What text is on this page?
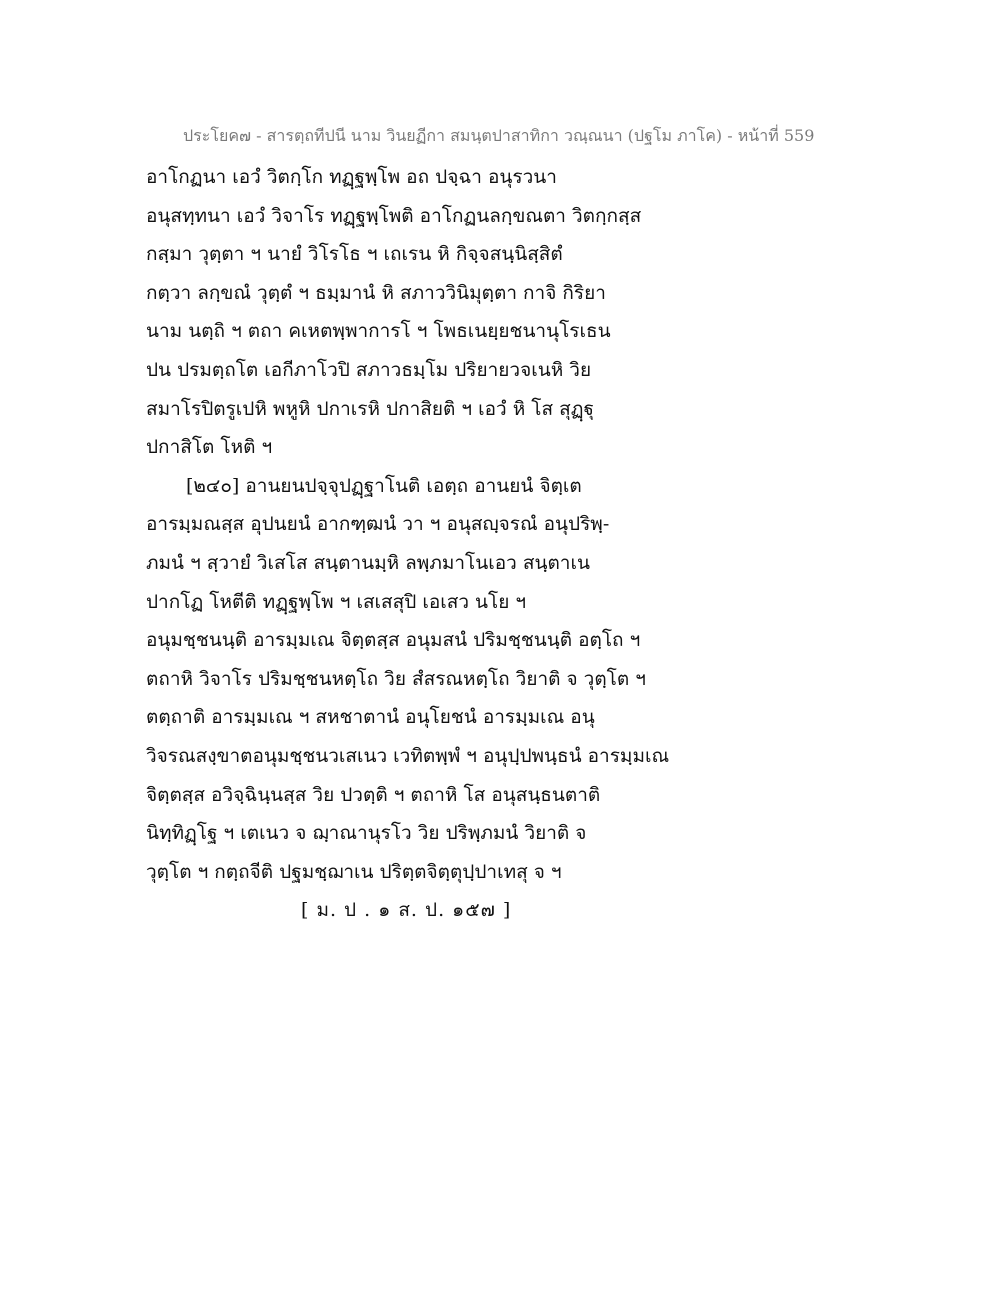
ประโยค๗ - สารตฺถทีปนี นาม วินยฏีกา สมนฺตปาสาทิกา วณฺณนา (ปฐโม ภาโค) - หน้าที่ 559
อาโกฏนา เอวํ วิตกฺโก ทฏฺฐพฺโพ อถ ปจฺฉา อนุรวนา
อนุสทฺทนา เอวํ วิจาโร ทฏฺฐพฺโพติ อาโกฏนลกฺขณตา วิตกฺกสฺส
กสฺมา วุตฺตา ฯ นายํ วิโรโธ ฯ เถเรน หิ กิจฺจสนฺนิสฺสิตํ
กตฺวา ลกฺขณํ วุตฺตํ ฯ ธมฺมานํ หิ สภาววินิมุตฺตา กาจิ กิริยา
นาม นตฺถิ ฯ ตถา คเหตพฺพาการโ ฯ โพธเนยฺยชนานุโรเธน
ปน ปรมตฺถโต เอกีภาโวปิ สภาวธมฺโม ปริยายวจเนหิ วิย
สมาโรปิตรูเปหิ พหูหิ ปกาเรหิ ปกาสิยติ ฯ เอวํ หิ โส สุฏฺฐุ
ปกาสิโต โหติ ฯ
[๒๔๐] อานยนปจฺจุปฏฺฐาโนติ เอตฺถ อานยนํ จิตฺเต
อารมฺมณสฺส อุปนยนํ อากฑฺฒนํ วา ฯ อนุสญฺจรณํ อนุปริพฺ-
ภมนํ ฯ สฺวายํ วิเสโส สนฺตานมฺหิ ลพฺภมาโนเอว สนฺตาเน
ปากโฏ โหตีติ ทฏฺฐพฺโพ ฯ เสเสสุปิ เอเสว นโย ฯ
อนุมชฺชนนฺติ อารมฺมเณ จิตฺตสฺส อนุมสนํ ปริมชฺชนนฺติ อตฺโถ ฯ
ตถาหิ วิจาโร ปริมชฺชนหตฺโถ วิย สํสรณหตฺโถ วิยาติ จ วุตฺโต ฯ
ตตฺถาติ อารมฺมเณ ฯ สหชาตานํ อนุโยชนํ อารมฺมเณ อนุ
วิจรณสงฺขาตอนุมชฺชนวเสเนว เวทิตพฺพํ ฯ อนุปฺปพนฺธนํ อารมฺมเณ
จิตฺตสฺส อวิจฺฉินฺนสฺส วิย ปวตฺติ ฯ ตถาหิ โส อนุสนฺธนตาติ
นิทฺทิฏฺโฐ ฯ เตเนว จ ฌฺาณานุรโว วิย ปริพฺภมนํ วิยาติ จ
วุตฺโต ฯ กตฺถจีติ ปฐมชฺฌาเน ปริตฺตจิตฺตุปฺปาเทสุ จ ฯ
[ ม. ป . ๑ ส. ป. ๑๕๗ ]
